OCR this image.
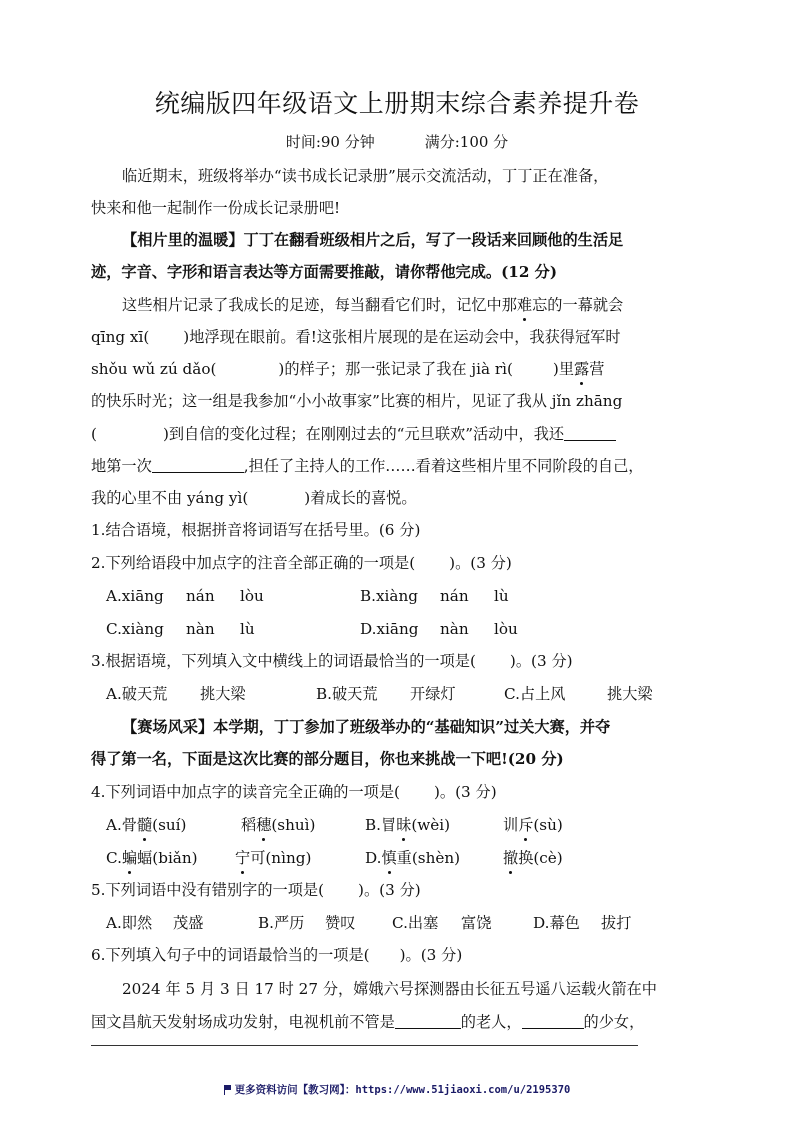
统编版四年级语文上册期末综合素养提升卷
时间:90 分钟	满分:100 分
临近期末，班级将举办“读书成长记录册”展示交流活动，丁丁正在准备，
快来和他一起制作一份成长记录册吧!
【相片里的温暖】丁丁在翻看班级相片之后，写了一段话来回顾他的生活足
迹，字音、字形和语言表达等方面需要推敲，请你帮他完成。(12 分)
这些相片记录了我成长的足迹，每当翻看它们时，记忆中那难忘的一幕就会
qīng xī( )地浮现在眼前。看!这张相片展现的是在运动会中，我获得冠军时
shǒu wǔ zú dǎo(	)的样子；那一张记录了我在 jià rì(	)里露营
的快乐时光；这一组是我参加“小小故事家”比赛的相片，见证了我从 jǐn zhāng
(	)到自信的变化过程；在刚刚过去的“元旦联欢”活动中，我还
地第一次	,担任了主持人的工作……看着这些相片里不同阶段的自己，
我的心里不由 yáng yì(	)着成长的喜悦。
1.结合语境，根据拼音将词语写在括号里。(6 分)
2.下列给语段中加点字的注音全部正确的一项是( )。(3 分)
A.xiāng nán lòu	B.xiàng nán lù
C.xiàng nàn lù	D.xiāng nàn lòu
3.根据语境，下列填入文中横线上的词语最恰当的一项是( )。(3 分)
A.破天荒 挑大梁	B.破天荒 开绿灯	C.占上风	挑大梁
【赛场风采】本学期，丁丁参加了班级举办的“基础知识”过关大赛，并夺
得了第一名，下面是这次比赛的部分题目，你也来挑战一下吧!(20 分)
4.下列词语中加点字的读音完全正确的一项是( )。(3 分)
A.骨髓(suí)	稻穗(shuì)	B.冒昧(wèi)	训斥(sù)
C.蝙蝠(biǎn) 宁可(nìng)	D.慎重(shèn)	撤换(cè)
5.下列词语中没有错别字的一项是( )。(3 分)
A.即然 茂盛	B.严历 赞叹 C.出塞 富饶	D.幕色 拔打
6.下列填入句子中的词语最恰当的一项是( )。(3 分)
2024 年 5 月 3 日 17 时 27 分，嫦娥六号探测器由长征五号遥八运载火箭在中
国文昌航天发射场成功发射，电视机前不管是	的老人，	的少女，
更多资料访问【教习网】：https://www.51jiaoxi.com/u/2195370
